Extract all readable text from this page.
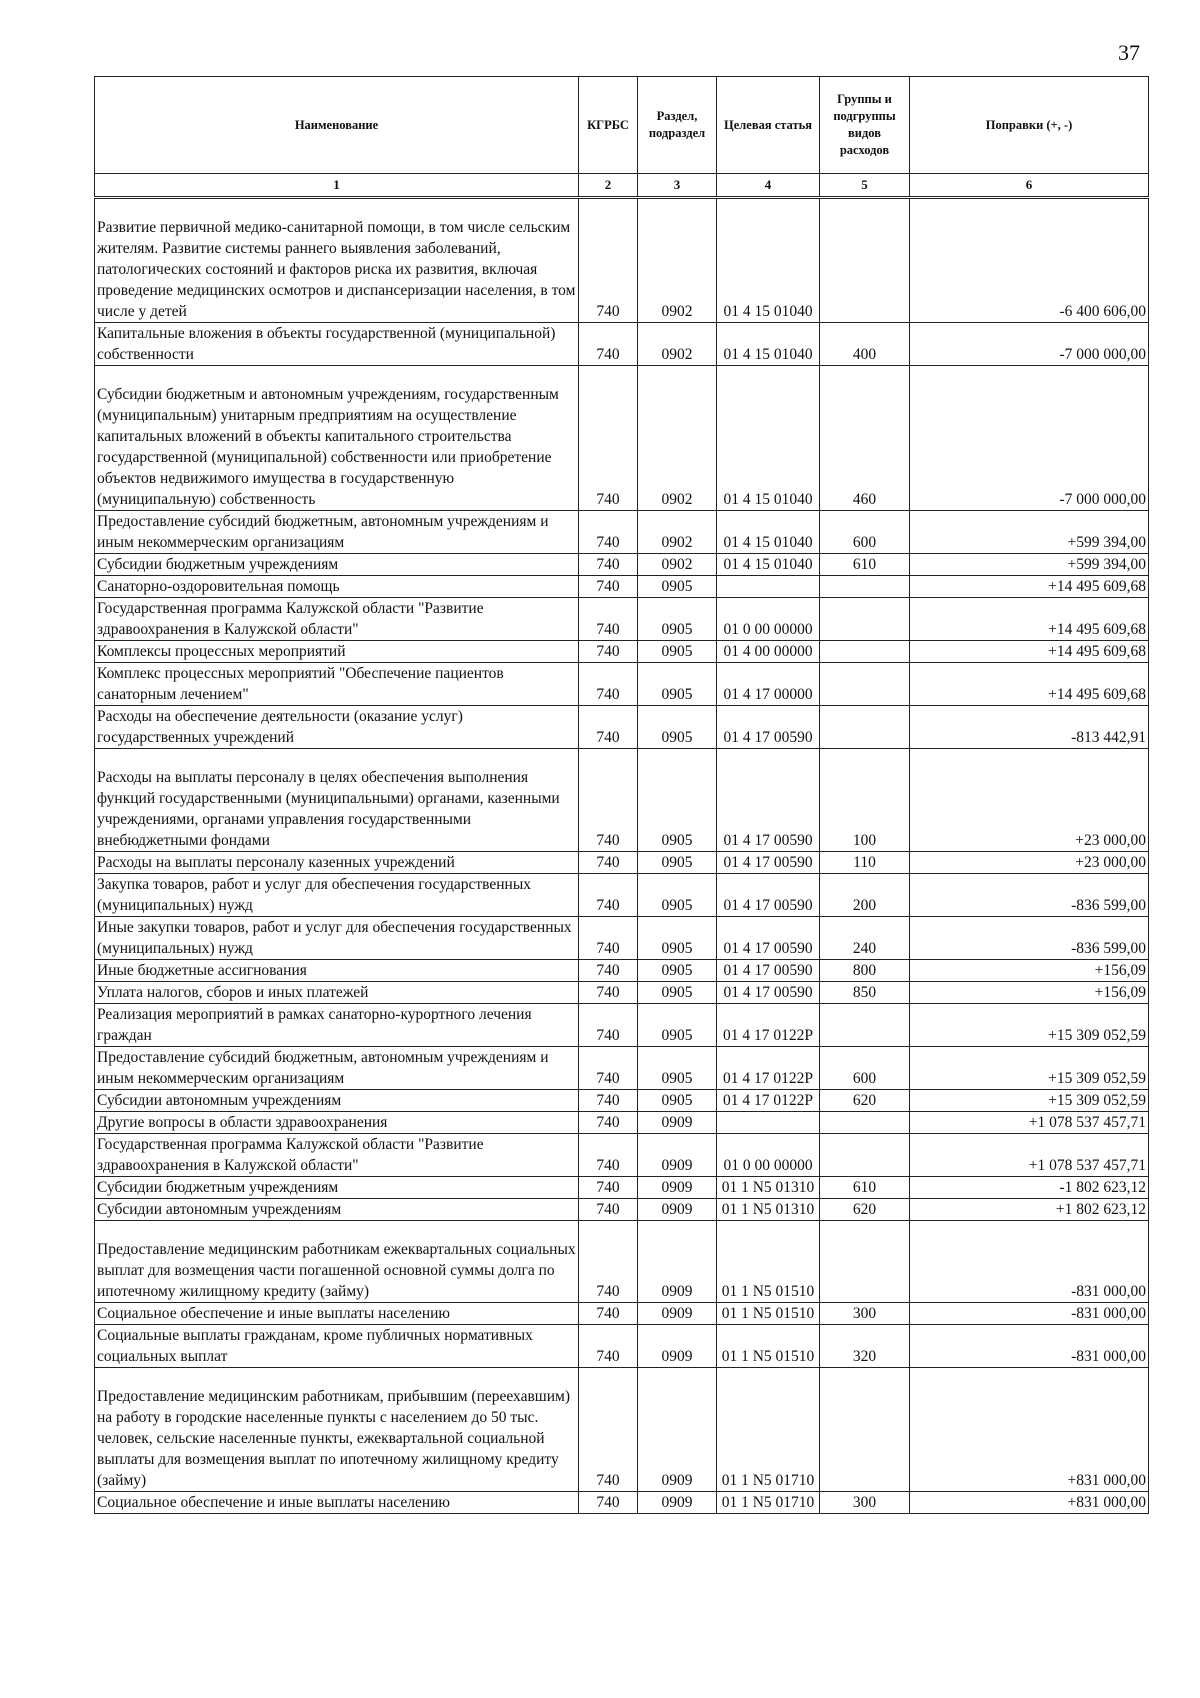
37
Наименование	КГРБС	Раздел, подраздел	Целевая статья	Группы и подгруппы видов расходов	Поправки (+, -)
1	2	3	4	5	6
Развитие первичной медико-санитарной помощи, в том числе сельским жителям. Развитие системы раннего выявления заболеваний, патологических состояний и факторов риска их развития, включая проведение медицинских осмотров и диспансеризации населения, в том числе у детей	740	0902	01 4 15 01040		-6 400 606,00
Капитальные вложения в объекты государственной (муниципальной) собственности	740	0902	01 4 15 01040	400	-7 000 000,00
Субсидии бюджетным и автономным учреждениям, государственным (муниципальным) унитарным предприятиям на осуществление капитальных вложений в объекты капитального строительства государственной (муниципальной) собственности или приобретение объектов недвижимого имущества в государственную (муниципальную) собственность	740	0902	01 4 15 01040	460	-7 000 000,00
Предоставление субсидий бюджетным, автономным учреждениям и иным некоммерческим организациям	740	0902	01 4 15 01040	600	+599 394,00
Субсидии бюджетным учреждениям	740	0902	01 4 15 01040	610	+599 394,00
Санаторно-оздоровительная помощь	740	0905			+14 495 609,68
Государственная программа Калужской области "Развитие здравоохранения в Калужской области"	740	0905	01 0 00 00000		+14 495 609,68
Комплексы процессных мероприятий	740	0905	01 4 00 00000		+14 495 609,68
Комплекс процессных мероприятий "Обеспечение пациентов санаторным лечением"	740	0905	01 4 17 00000		+14 495 609,68
Расходы на обеспечение деятельности (оказание услуг) государственных учреждений	740	0905	01 4 17 00590		-813 442,91
Расходы на выплаты персоналу в целях обеспечения выполнения функций государственными (муниципальными) органами, казенными учреждениями, органами управления государственными внебюджетными фондами	740	0905	01 4 17 00590	100	+23 000,00
Расходы на выплаты персоналу казенных учреждений	740	0905	01 4 17 00590	110	+23 000,00
Закупка товаров, работ и услуг для обеспечения государственных (муниципальных) нужд	740	0905	01 4 17 00590	200	-836 599,00
Иные закупки товаров, работ и услуг для обеспечения государственных (муниципальных) нужд	740	0905	01 4 17 00590	240	-836 599,00
Иные бюджетные ассигнования	740	0905	01 4 17 00590	800	+156,09
Уплата налогов, сборов и иных платежей	740	0905	01 4 17 00590	850	+156,09
Реализация мероприятий в рамках санаторно-курортного лечения граждан	740	0905	01 4 17 0122Р		+15 309 052,59
Предоставление субсидий бюджетным, автономным учреждениям и иным некоммерческим организациям	740	0905	01 4 17 0122Р	600	+15 309 052,59
Субсидии автономным учреждениям	740	0905	01 4 17 0122Р	620	+15 309 052,59
Другие вопросы в области здравоохранения	740	0909			+1 078 537 457,71
Государственная программа Калужской области "Развитие здравоохранения в Калужской области"	740	0909	01 0 00 00000		+1 078 537 457,71
Субсидии бюджетным учреждениям	740	0909	01 1 N5 01310	610	-1 802 623,12
Субсидии автономным учреждениям	740	0909	01 1 N5 01310	620	+1 802 623,12
Предоставление медицинским работникам ежеквартальных социальных выплат для возмещения части погашенной основной суммы долга по ипотечному жилищному кредиту (займу)	740	0909	01 1 N5 01510		-831 000,00
Социальное обеспечение и иные выплаты населению	740	0909	01 1 N5 01510	300	-831 000,00
Социальные выплаты гражданам, кроме публичных нормативных социальных выплат	740	0909	01 1 N5 01510	320	-831 000,00
Предоставление медицинским работникам, прибывшим (переехавшим) на работу в городские населенные пункты с населением до 50 тыс. человек, сельские населенные пункты, ежеквартальной социальной выплаты для возмещения выплат по ипотечному жилищному кредиту (займу)	740	0909	01 1 N5 01710		+831 000,00
Социальное обеспечение и иные выплаты населению	740	0909	01 1 N5 01710	300	+831 000,00
